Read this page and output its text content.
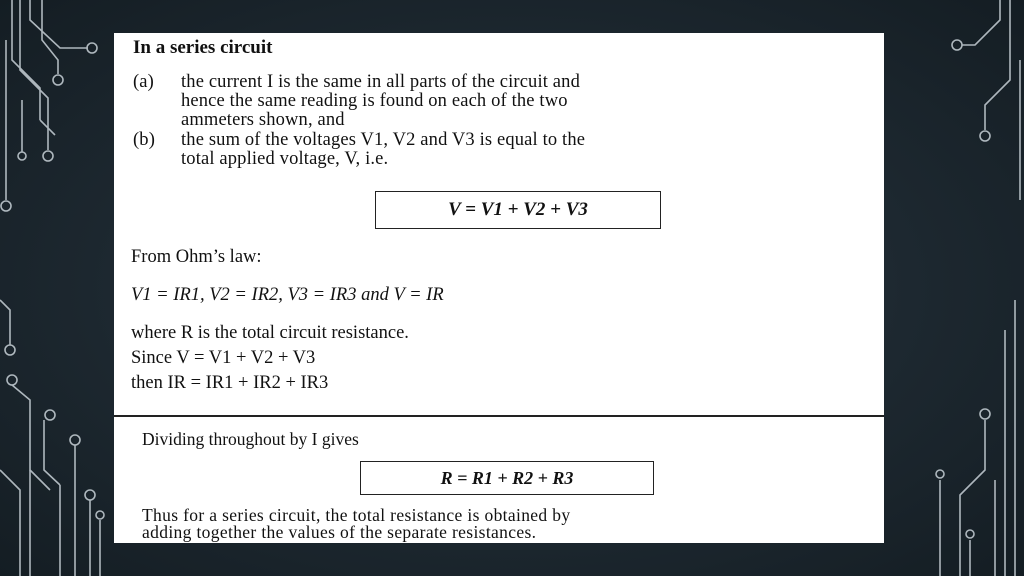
In a series circuit
(a) the current I is the same in all parts of the circuit and
hence the same reading is found on each of the two
ammeters shown, and
(b) the sum of the voltages V1, V2 and V3 is equal to the
total applied voltage, V, i.e.
V = V1 + V2 + V3
From Ohm’s law:
V1 = IR1, V2 = IR2, V3 = IR3 and V = IR
where R is the total circuit resistance.
Since V = V1 + V2 + V3
then IR = IR1 + IR2 + IR3
Dividing throughout by I gives
R = R1 + R2 + R3
Thus for a series circuit, the total resistance is obtained by
adding together the values of the separate resistances.
